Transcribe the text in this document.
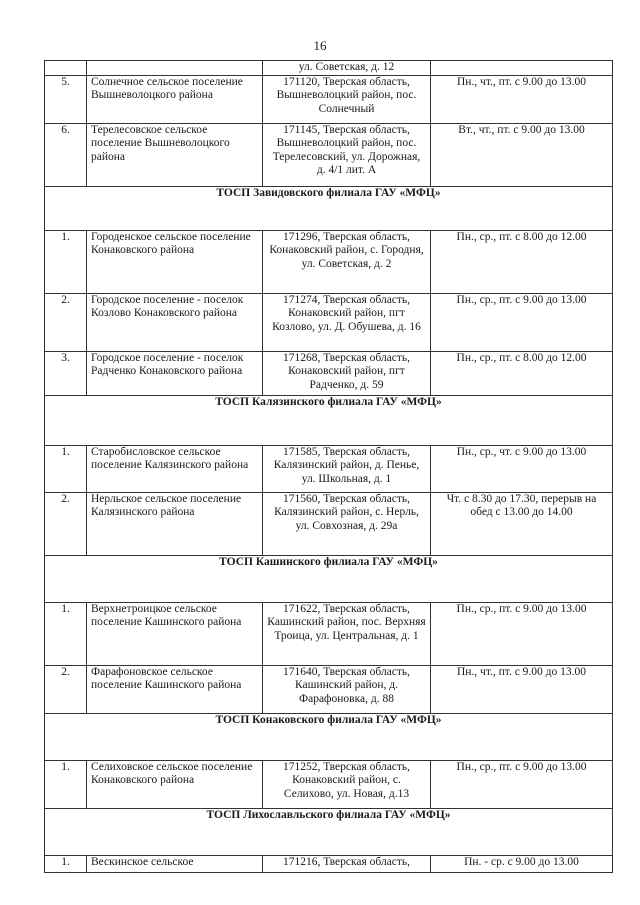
16
		ул. Советская, д. 12	
5.	Солнечное сельское поселение Вышневолоцкого района	171120, Тверская область, Вышневолоцкий район, пос. Солнечный	Пн., чт., пт. с 9.00 до 13.00
6.	Терелесовское сельское поселение Вышневолоцкого района	171145, Тверская область, Вышневолоцкий район, пос. Терелесовский, ул. Дорожная, д. 4/1 лит. А	Вт., чт., пт. с 9.00 до 13.00
ТОСП Завидовского филиала ГАУ «МФЦ»			
1.	Городенское сельское поселение Конаковского района	171296, Тверская область, Конаковский район, с. Городня, ул. Советская, д. 2	Пн., ср., пт. с 8.00 до 12.00
2.	Городское поселение - поселок Козлово Конаковского района	171274, Тверская область, Конаковский район, пгт Козлово, ул. Д. Обушева, д. 16	Пн., ср., пт. с 9.00 до 13.00
3.	Городское поселение - поселок Радченко Конаковского района	171268, Тверская область, Конаковский район, пгт Радченко, д. 59	Пн., ср., пт. с 8.00 до 12.00
ТОСП Калязинского филиала ГАУ «МФЦ»			
1.	Старобисловское сельское поселение Калязинского района	171585, Тверская область, Калязинский район, д. Пенье, ул. Школьная, д. 1	Пн., ср., чт. с 9.00 до 13.00
2.	Нерльское сельское поселение Калязинского района	171560, Тверская область, Калязинский район, с. Нерль, ул. Совхозная, д. 29а	Чт. с 8.30 до 17.30, перерыв на обед с 13.00 до 14.00
ТОСП Кашинского филиала ГАУ «МФЦ»			
1.	Верхнетроицкое сельское поселение Кашинского района	171622, Тверская область, Кашинский район, пос. Верхняя Троица, ул. Центральная, д. 1	Пн., ср., пт. с 9.00 до 13.00
2.	Фарафоновское сельское поселение Кашинского района	171640, Тверская область, Кашинский район, д. Фарафоновка, д. 88	Пн., чт., пт. с 9.00 до 13.00
ТОСП Конаковского филиала ГАУ «МФЦ»			
1.	Селиховское сельское поселение Конаковского района	171252, Тверская область, Конаковский район, с. Селихово, ул. Новая, д.13	Пн., ср., пт. с 9.00 до 13.00
ТОСП Лихославльского филиала ГАУ «МФЦ»			
1.	Вескинское сельское	171216, Тверская область,	Пн. - ср. с 9.00 до 13.00
